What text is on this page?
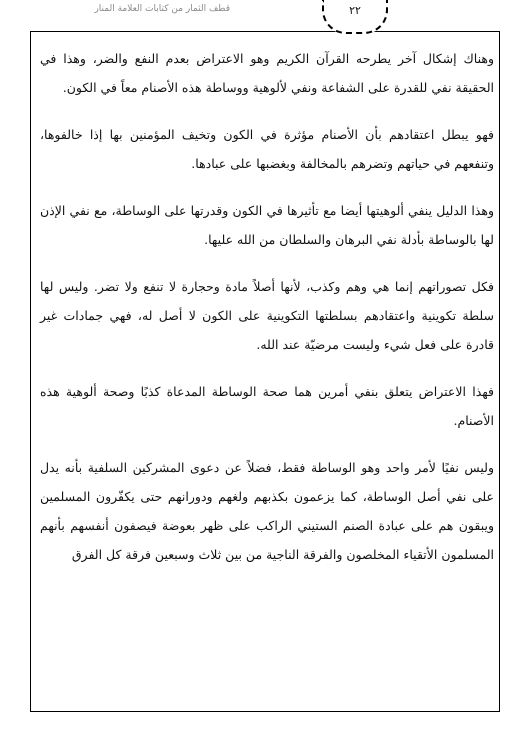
قطف الثمار من كتابات العلامة المنار	٢٢

وهناك إشكال آخر يطرحه القرآن الكريم وهو الاعتراض بعدم النفع والضر، وهذا في الحقيقة نفي للقدرة على الشفاعة ونفي لألوهية ووساطة هذه الأصنام معاً في الكون.

فهو يبطل اعتقادهم بأن الأصنام مؤثرة في الكون وتخيف المؤمنين بها إذا خالفوها، وتنفعهم في حياتهم وتضرهم بالمخالفة وبغضبها على عبادها.

وهذا الدليل ينفي ألوهيتها أيضا مع تأثيرها في الكون وقدرتها على الوساطة، مع نفي الإذن لها بالوساطة بأدلة نفي البرهان والسلطان من الله عليها.

فكل تصوراتهم إنما هي وهم وكذب، لأنها أصلاً مادة وحجارة لا تنفع ولا تضر. وليس لها سلطة تكوينية واعتقادهم بسلطتها التكوينية على الكون لا أصل له، فهي جمادات غير قادرة على فعل شيء وليست مرضيّة عند الله.

فهذا الاعتراض يتعلق بنفي أمرين هما صحة الوساطة المدعاة كذبًا وصحة ألوهية هذه الأصنام.

وليس نفيًا لأمر واحد وهو الوساطة فقط، فضلاً عن دعوى المشركين السلفية بأنه يدل على نفي أصل الوساطة، كما يزعمون بكذبهم ولغهم ودورانهم حتى يكفّرون المسلمين ويبقون هم على عبادة الصنم الستيني الراكب على ظهر بعوضة فيصفون أنفسهم بأنهم المسلمون الأتقياء المخلصون والفرقة الناجية من بين ثلاث وسبعين فرقة كل الفرق
